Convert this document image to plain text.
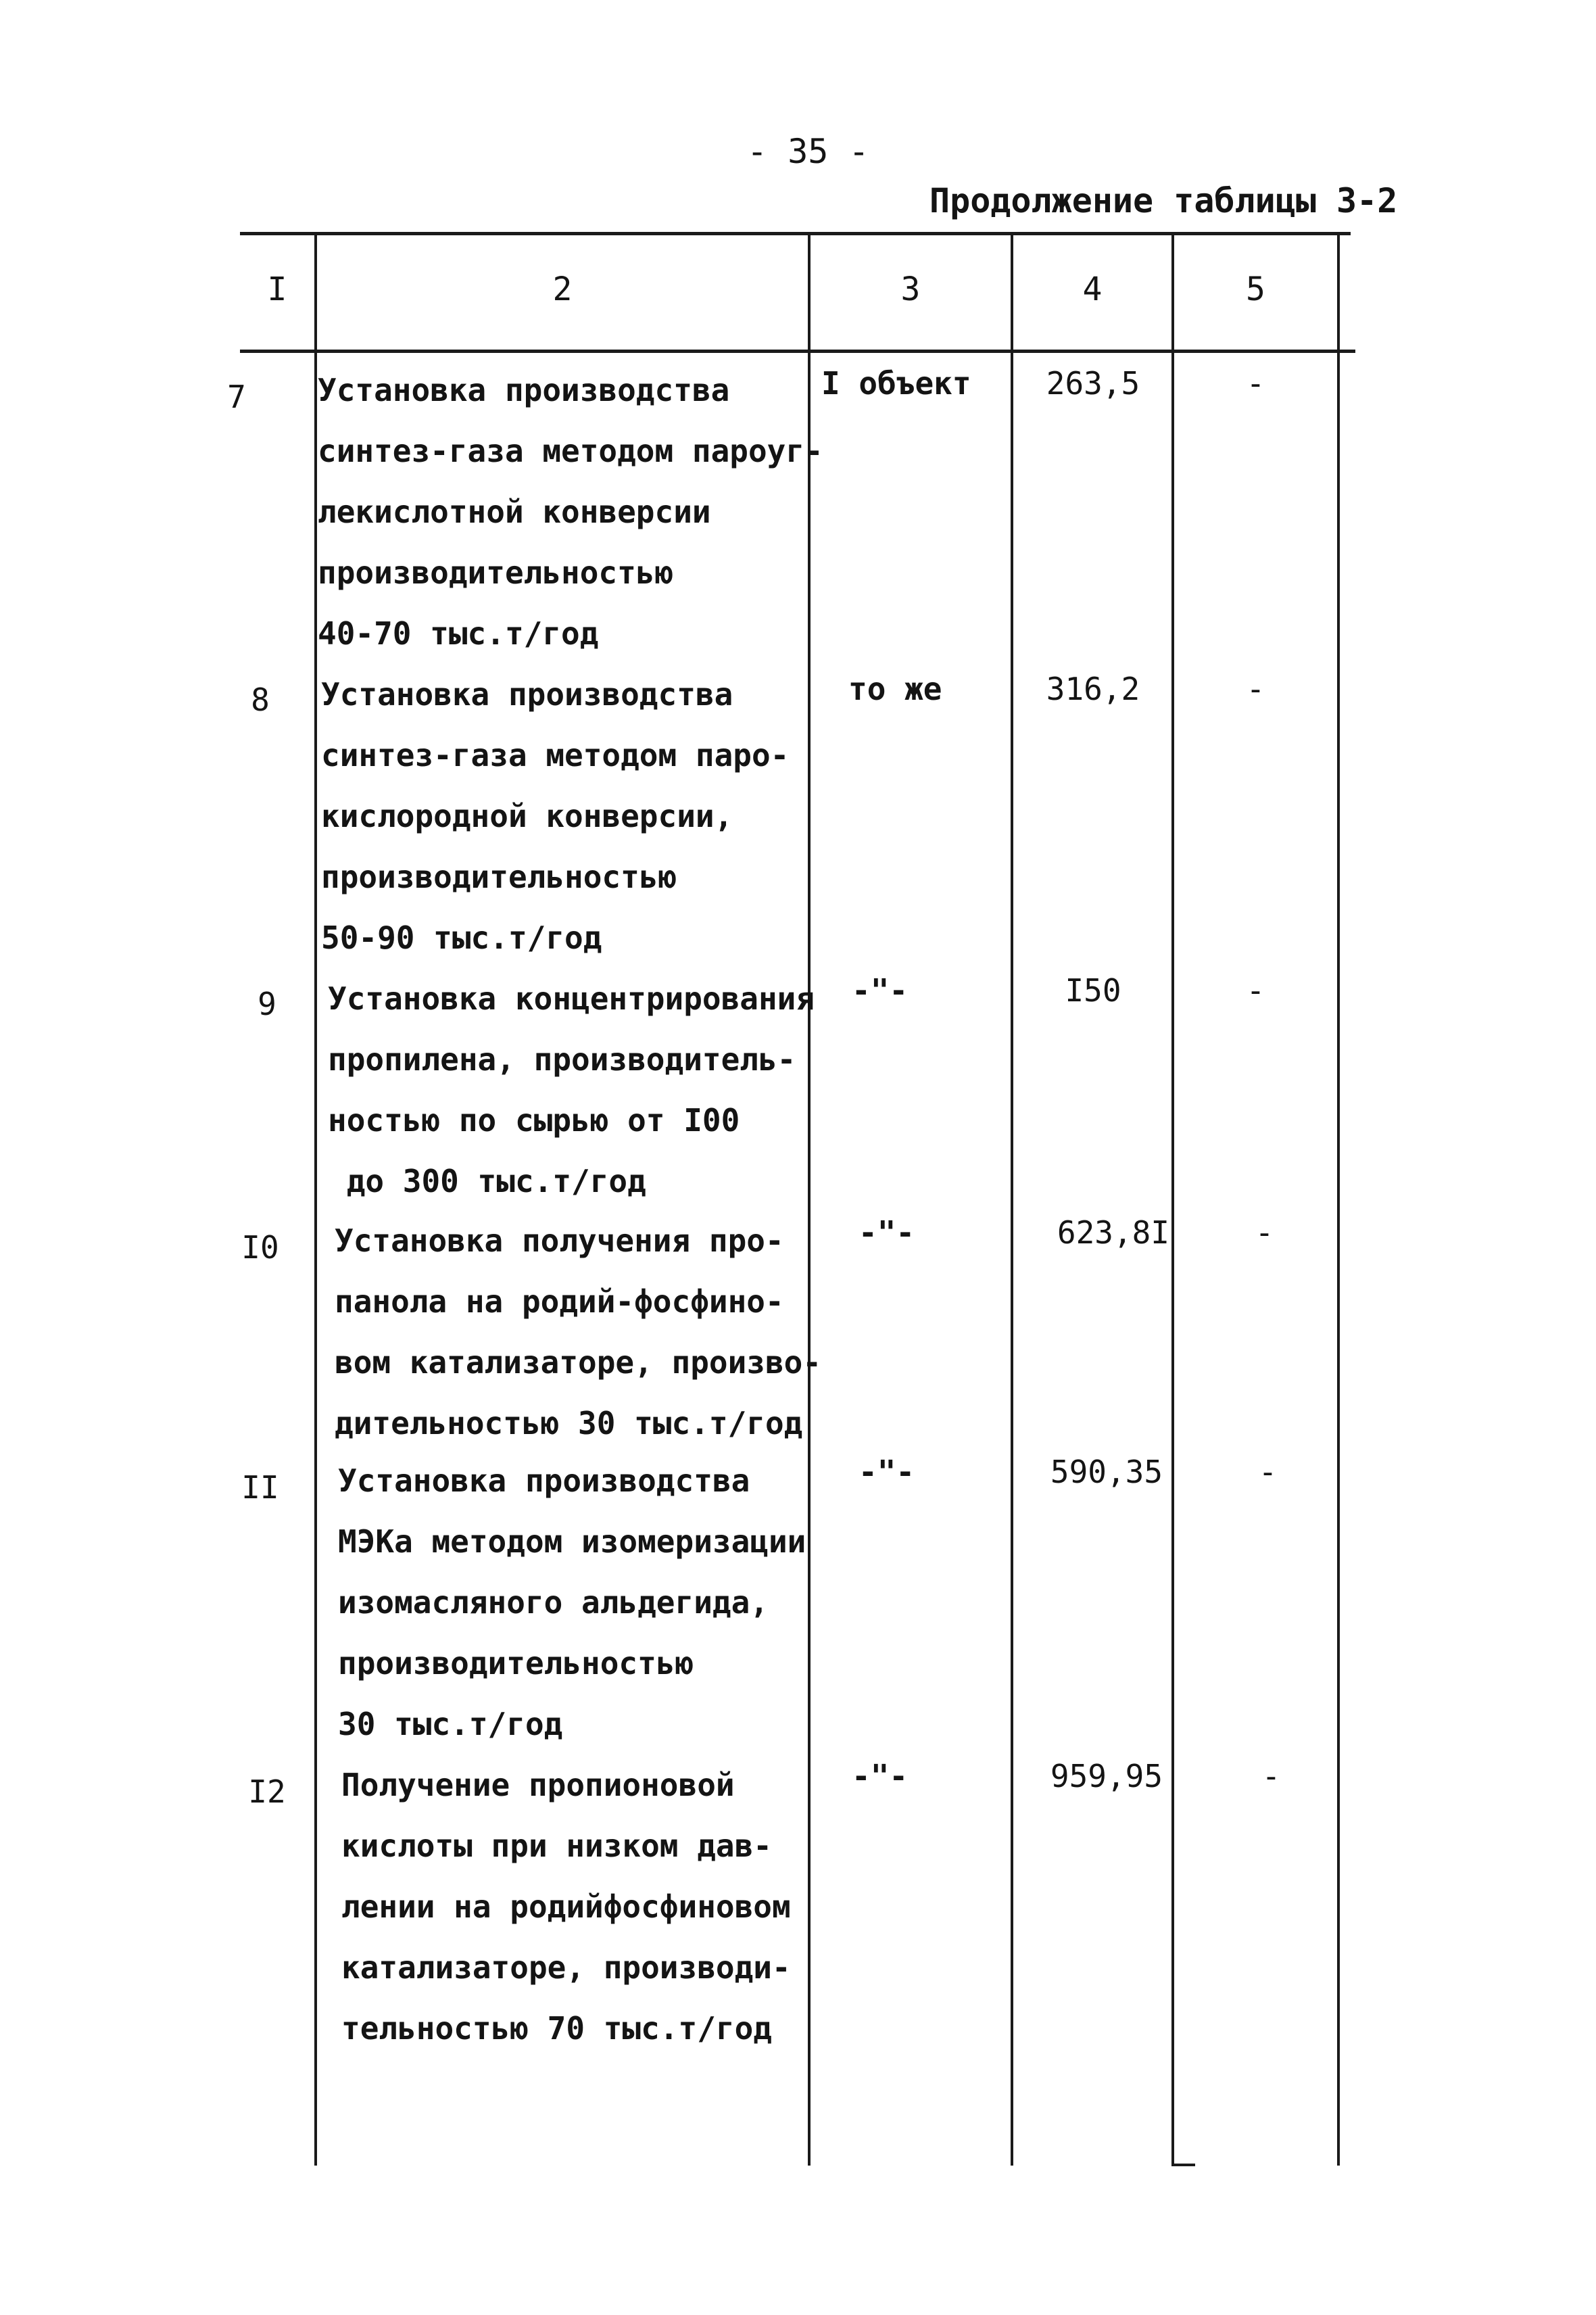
- 35 -
Продолжение таблицы 3-2
I	2	3	4	5
7	Установка производства
синтез-газа методом пароуг-
лекислотной конверсии
производительностью
40-70 тыс.т/год
I объект	263,5	-
8	Установка производства
синтез-газа методом паро-
кислородной конверсии,
производительностью
50-90 тыс.т/год
то же	316,2	-
9	Установка концентрирования
пропилена, производитель-
ностью по сырью от I00
до 300 тыс.т/год
-"-	I50	-
I0 Установка получения про-
панола на родий-фосфино-
вом катализаторе, произво-
дительностью 30 тыс.т/год
-"-	623,8I	-
II Установка производства
МЭКа методом изомеризации
изомасляного альдегида,
производительностью
30 тыс.т/год
-"-	590,35	-
I2 Получение пропионовой
кислоты при низком дав-
лении на родийфосфиновом
катализаторе, производи-
тельностью 70 тыс.т/год
-"-	959,95	-
